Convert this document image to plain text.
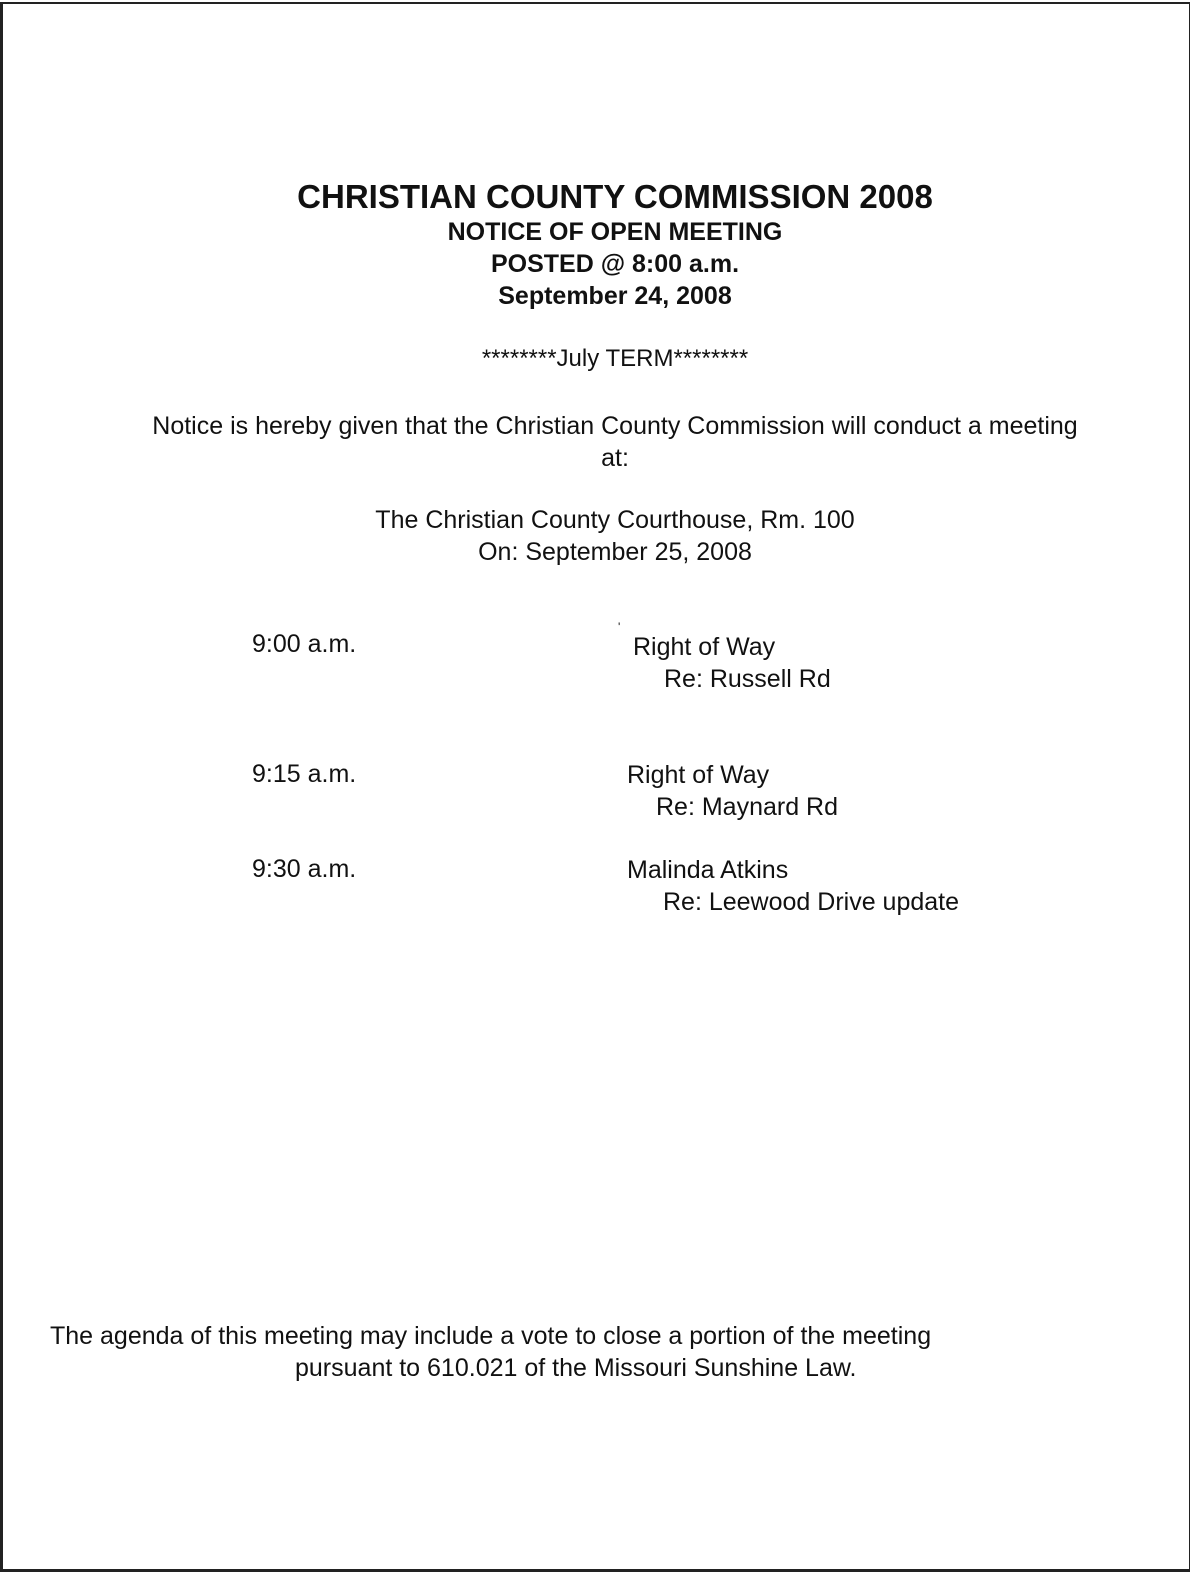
CHRISTIAN COUNTY COMMISSION 2008
NOTICE OF OPEN MEETING
POSTED @ 8:00 a.m.
September 24, 2008
********July TERM********
Notice is hereby given that the Christian County Commission will conduct a meeting at:
The Christian County Courthouse, Rm. 100
On: September 25, 2008
'
9:00 a.m.	Right of Way
Re: Russell Rd
9:15 a.m.	Right of Way
Re: Maynard Rd
9:30 a.m.	Malinda Atkins
Re: Leewood Drive update
The agenda of this meeting may include a vote to close a portion of the meeting
pursuant to 610.021 of the Missouri Sunshine Law.
